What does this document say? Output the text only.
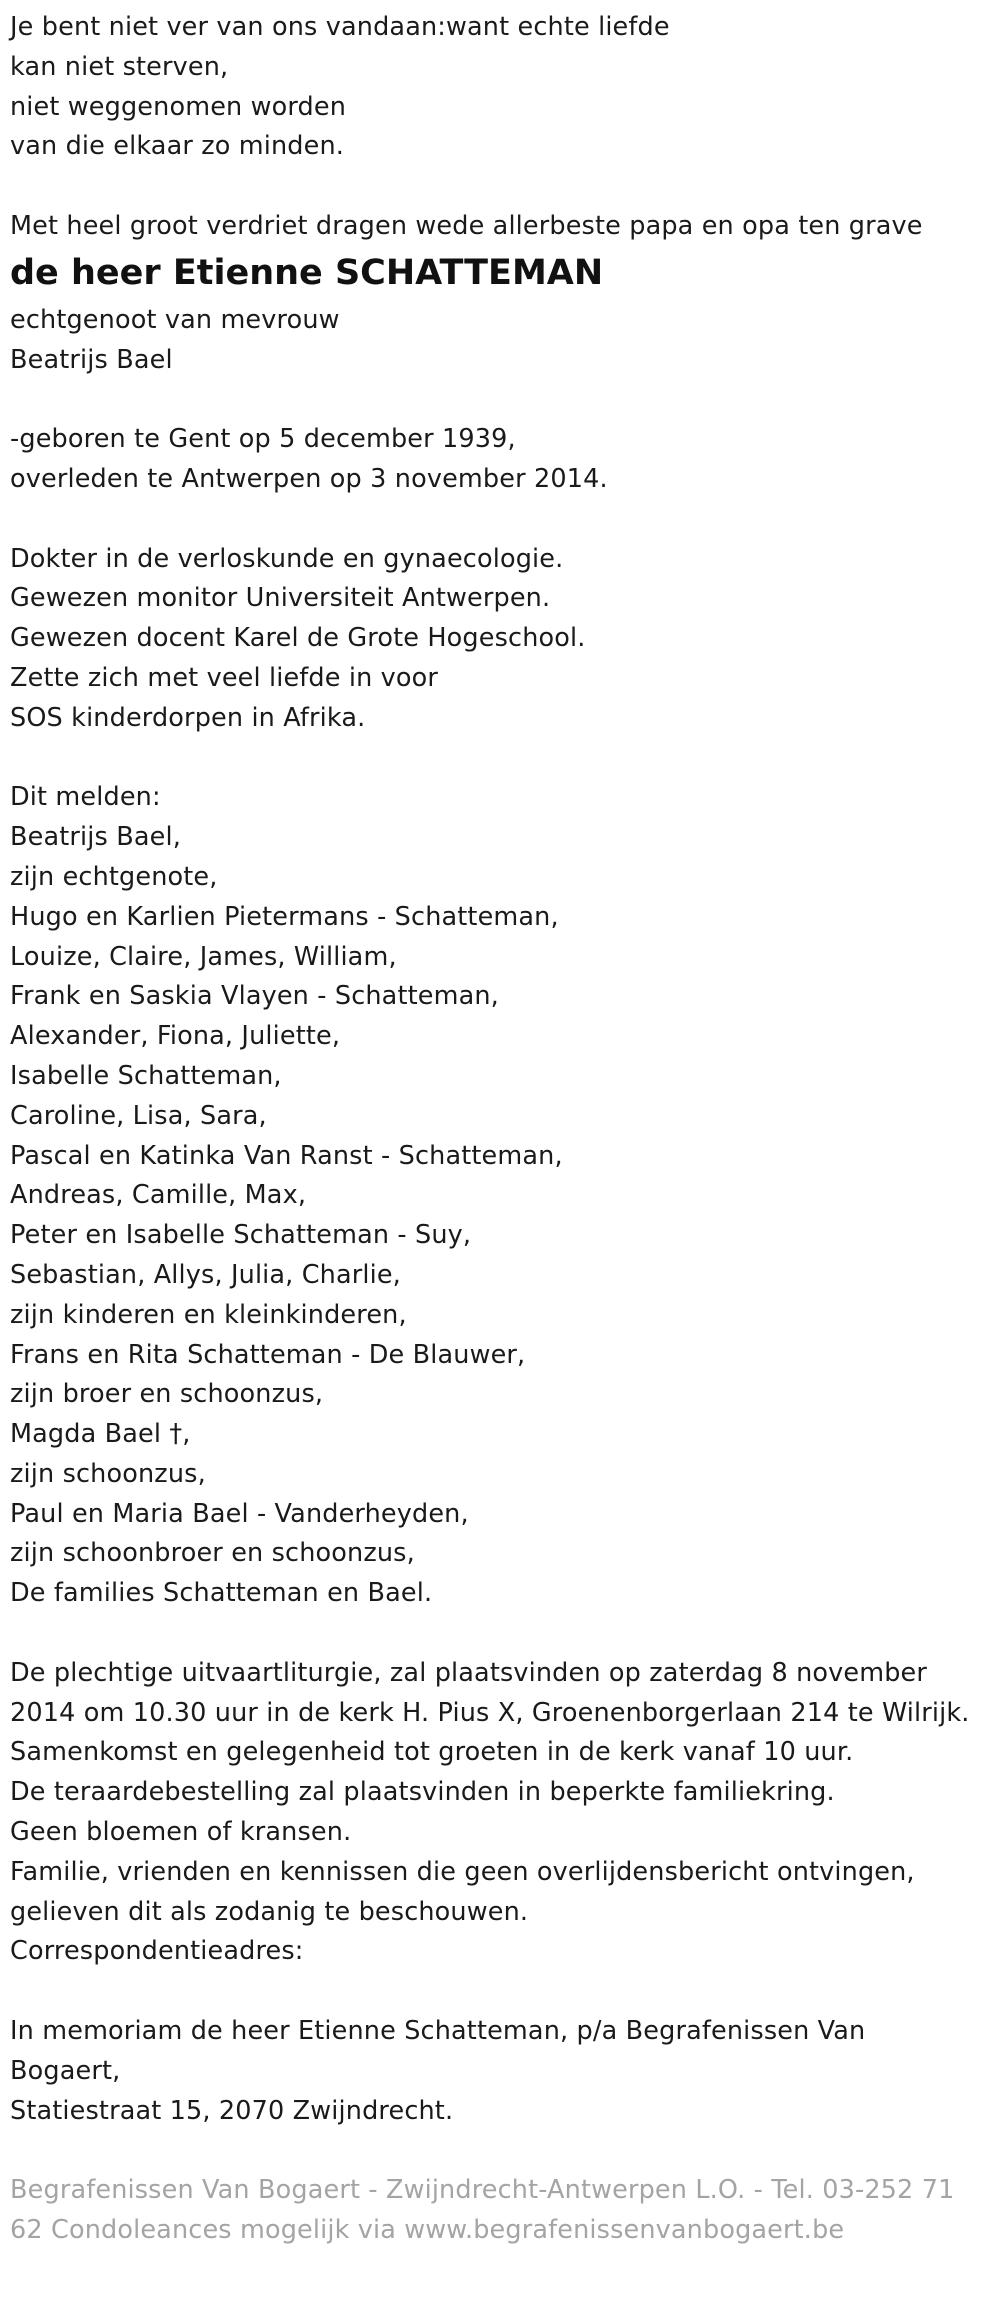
Je bent niet ver van ons vandaan:want echte liefde
kan niet sterven,
niet weggenomen worden
van die elkaar zo minden.
Met heel groot verdriet dragen wede allerbeste papa en opa ten grave
de heer Etienne SCHATTEMAN
echtgenoot van mevrouw
Beatrijs Bael
-geboren te Gent op 5 december 1939,
overleden te Antwerpen op 3 november 2014.
Dokter in de verloskunde en gynaecologie.
Gewezen monitor Universiteit Antwerpen.
Gewezen docent Karel de Grote Hogeschool.
Zette zich met veel liefde in voor
SOS kinderdorpen in Afrika.
Dit melden:
Beatrijs Bael,
zijn echtgenote,
Hugo en Karlien Pietermans - Schatteman,
Louize, Claire, James, William,
Frank en Saskia Vlayen - Schatteman,
Alexander, Fiona, Juliette,
Isabelle Schatteman,
Caroline, Lisa, Sara,
Pascal en Katinka Van Ranst - Schatteman,
Andreas, Camille, Max,
Peter en Isabelle Schatteman - Suy,
Sebastian, Allys, Julia, Charlie,
zijn kinderen en kleinkinderen,
Frans en Rita Schatteman - De Blauwer,
zijn broer en schoonzus,
Magda Bael †,
zijn schoonzus,
Paul en Maria Bael - Vanderheyden,
zijn schoonbroer en schoonzus,
De families Schatteman en Bael.
De plechtige uitvaartliturgie, zal plaatsvinden op zaterdag 8 november
2014 om 10.30 uur in de kerk H. Pius X, Groenenborgerlaan 214 te Wilrijk.
Samenkomst en gelegenheid tot groeten in de kerk vanaf 10 uur.
De teraardebestelling zal plaatsvinden in beperkte familiekring.
Geen bloemen of kransen.
Familie, vrienden en kennissen die geen overlijdensbericht ontvingen,
gelieven dit als zodanig te beschouwen.
Correspondentieadres:
In memoriam de heer Etienne Schatteman, p/a Begrafenissen Van
Bogaert,
Statiestraat 15, 2070 Zwijndrecht.
Begrafenissen Van Bogaert - Zwijndrecht-Antwerpen L.O. - Tel. 03-252 71
62 Condoleances mogelijk via www.begrafenissenvanbogaert.be
